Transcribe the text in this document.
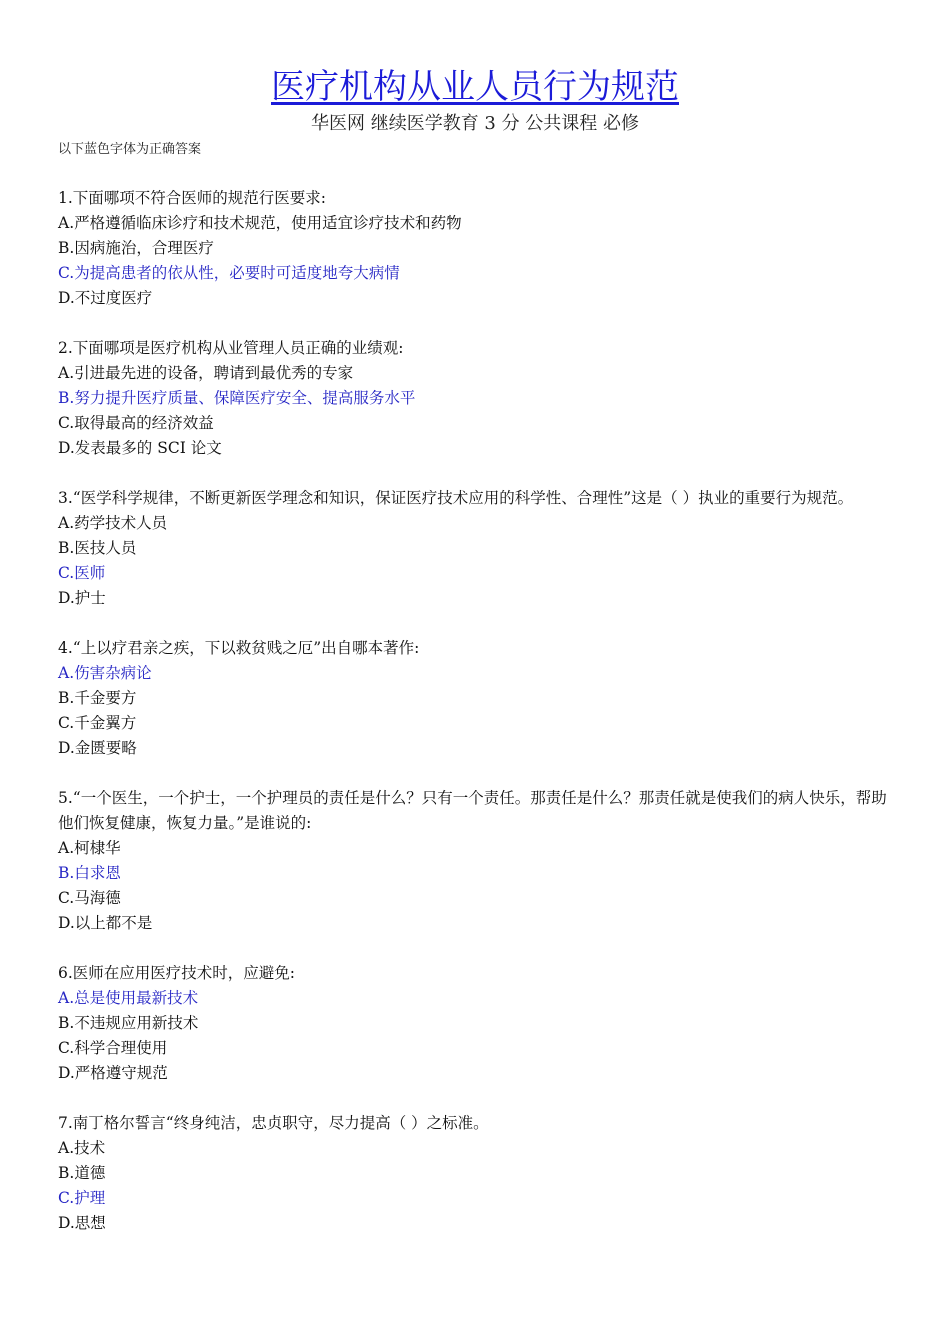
医疗机构从业人员行为规范
华医网 继续医学教育 3 分 公共课程 必修
以下蓝色字体为正确答案

1.下面哪项不符合医师的规范行医要求:

A.严格遵循临床诊疗和技术规范，使用适宜诊疗技术和药物

B.因病施治，合理医疗

C.为提高患者的依从性，必要时可适度地夸大病情

D.不过度医疗

2.下面哪项是医疗机构从业管理人员正确的业绩观:

A.引进最先进的设备，聘请到最优秀的专家

B.努力提升医疗质量、保障医疗安全、提高服务水平

C.取得最高的经济效益

D.发表最多的 SCI 论文

3.“医学科学规律，不断更新医学理念和知识，保证医疗技术应用的科学性、合理性”这是（ ）执业的重要行为规范。

A.药学技术人员

B.医技人员

C.医师

D.护士

4.“上以疗君亲之疾，下以救贫贱之厄”出自哪本著作:

A.伤害杂病论

B.千金要方

C.千金翼方

D.金匮要略

5.“一个医生，一个护士，一个护理员的责任是什么？只有一个责任。那责任是什么？那责任就是使我们的病人快乐，帮助他们恢复健康，恢复力量。”是谁说的:

A.柯棣华

B.白求恩

C.马海德

D.以上都不是

6.医师在应用医疗技术时，应避免:

A.总是使用最新技术

B.不违规应用新技术

C.科学合理使用

D.严格遵守规范

7.南丁格尔誓言“终身纯洁，忠贞职守，尽力提高（ ）之标准。

A.技术

B.道德

C.护理

D.思想
